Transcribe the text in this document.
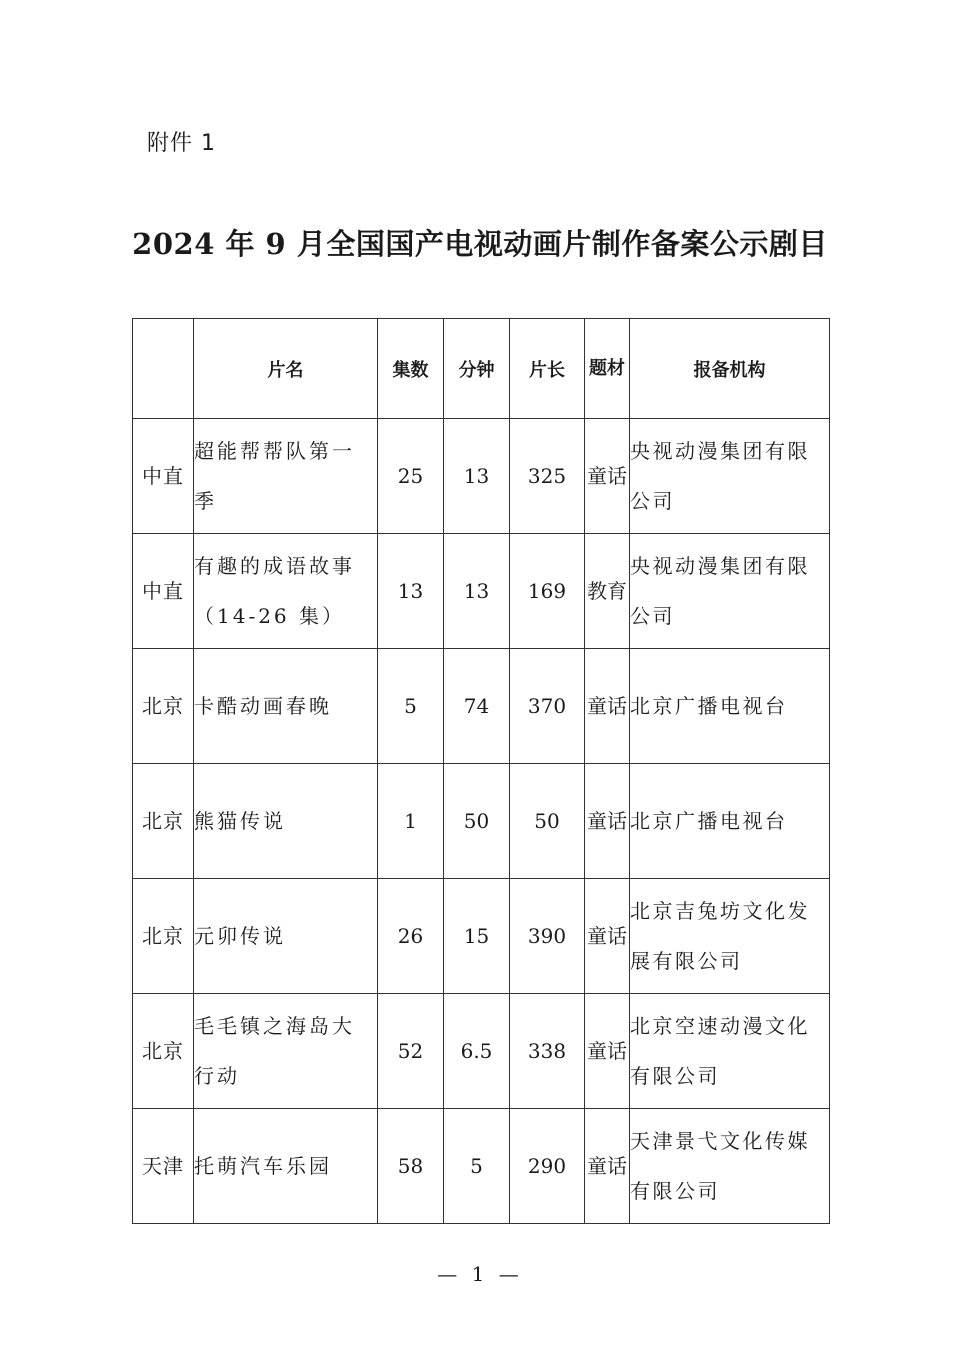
附件 1
2024 年 9 月全国国产电视动画片制作备案公示剧目
	片名	集数	分钟	片长	题材	报备机构
中直	超能帮帮队第一季	25	13	325	童话	央视动漫集团有限公司
中直	有趣的成语故事（14-26 集）	13	13	169	教育	央视动漫集团有限公司
北京	卡酷动画春晚	5	74	370	童话	北京广播电视台
北京	熊猫传说	1	50	50	童话	北京广播电视台
北京	元卯传说	26	15	390	童话	北京吉兔坊文化发展有限公司
北京	毛毛镇之海岛大行动	52	6.5	338	童话	北京空速动漫文化有限公司
天津	托萌汽车乐园	58	5	290	童话	天津景弋文化传媒有限公司
— 1 —
